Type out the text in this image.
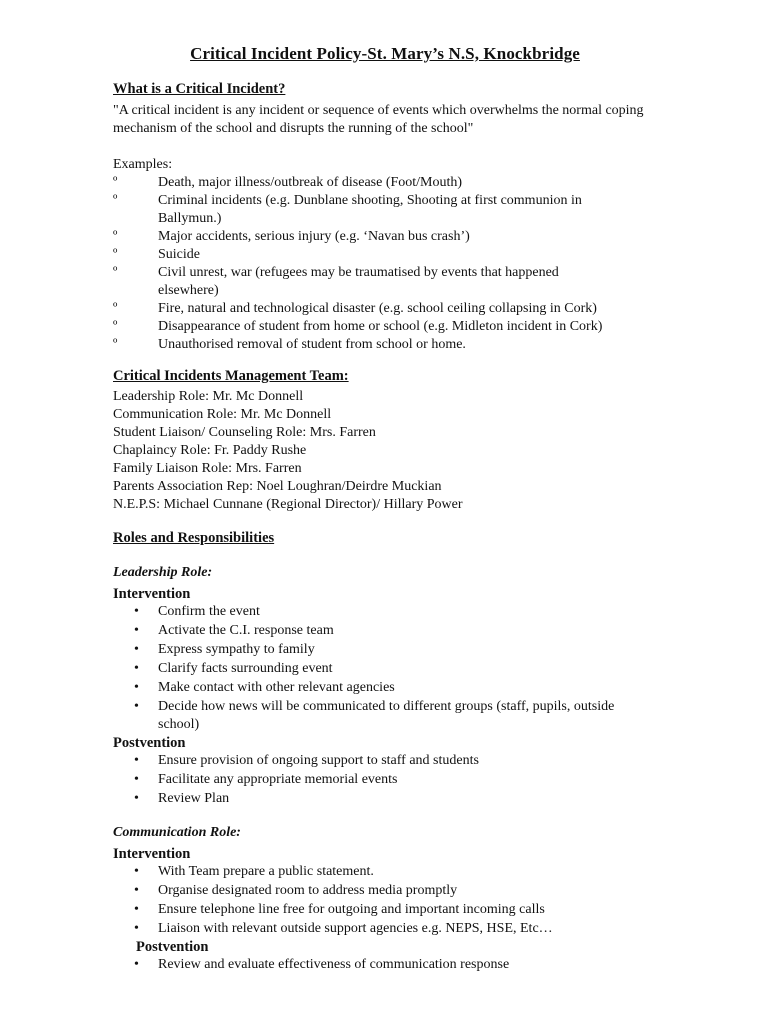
Critical Incident Policy-St. Mary’s N.S, Knockbridge
What is a Critical Incident?

"A critical incident is any incident or sequence of events which overwhelms the normal coping mechanism of the school and disrupts the running of the school"

Examples:

º	Death, major illness/outbreak of disease (Foot/Mouth)
º	Criminal incidents (e.g. Dunblane shooting, Shooting at first communion in Ballymun.)
º	Major accidents, serious injury (e.g. ‘Navan bus crash’)
º	Suicide
º	Civil unrest, war (refugees may be traumatised by events that happened elsewhere)
º	Fire, natural and technological disaster (e.g. school ceiling collapsing in Cork)
º	Disappearance of student from home or school (e.g. Midleton incident in Cork)
º	Unauthorised removal of student from school or home.
Critical Incidents Management Team:

Leadership Role: Mr. Mc Donnell

Communication Role: Mr. Mc Donnell

Student Liaison/ Counseling Role: Mrs. Farren

Chaplaincy Role: Fr. Paddy Rushe

Family Liaison Role: Mrs. Farren

Parents Association Rep: Noel Loughran/Deirdre Muckian

N.E.P.S: Michael Cunnane (Regional Director)/ Hillary Power

Roles and Responsibilities
Leadership Role:
Intervention
• Confirm the event
• Activate the C.I. response team
• Express sympathy to family
• Clarify facts surrounding event
• Make contact with other relevant agencies
• Decide how news will be communicated to different groups (staff, pupils, outside school)
Postvention
• Ensure provision of ongoing support to staff and students
• Facilitate any appropriate memorial events
• Review Plan
Communication Role:
Intervention
• With Team prepare a public statement.
• Organise designated room to address media promptly
• Ensure telephone line free for outgoing and important incoming calls
• Liaison with relevant outside support agencies e.g. NEPS, HSE, Etc…
Postvention
• Review and evaluate effectiveness of communication response
